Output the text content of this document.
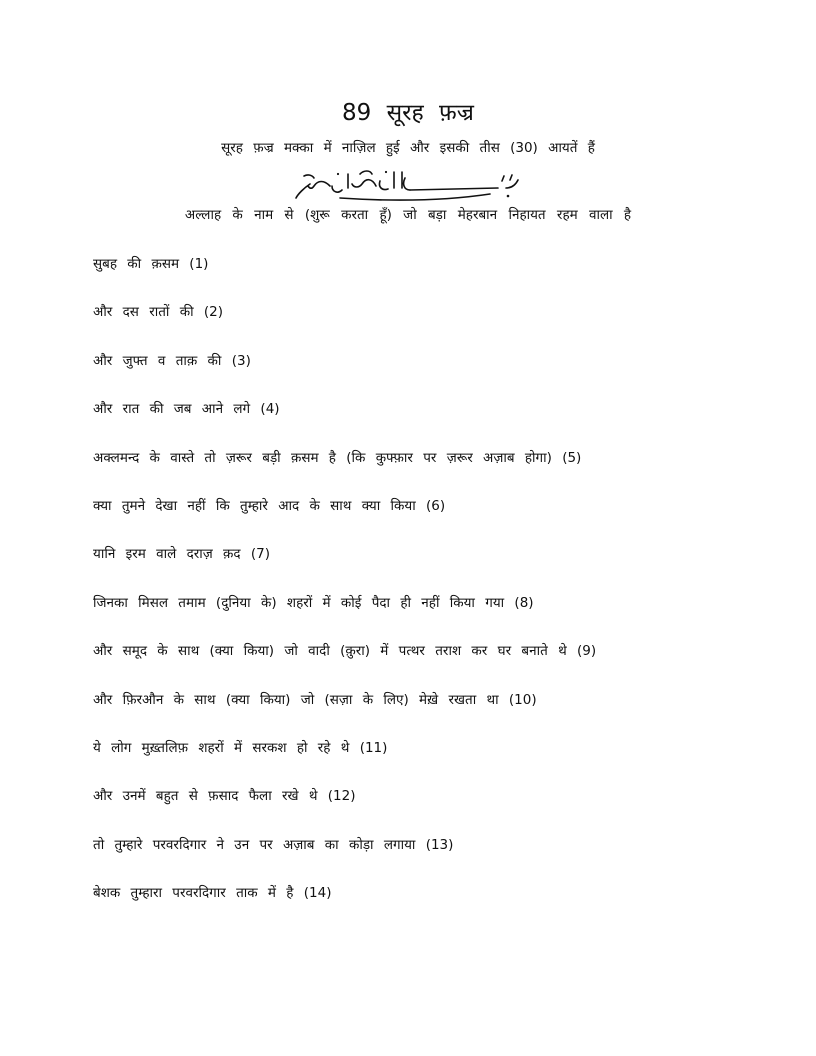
89 सूरह फ़ज्र
सूरह फ़ज्र मक्का में नाज़िल हुई और इसकी तीस (30) आयतें हैं
अल्लाह के नाम से (शुरू करता हूँ) जो बड़ा मेहरबान निहायत रहम वाला है
सुबह की क़सम (1)
और दस रातों की (2)
और जुफ्त व ताक़ की (3)
और रात की जब आने लगे (4)
अक्लमन्द के वास्ते तो ज़रूर बड़ी क़सम है (कि कुफ्फ़ार पर ज़रूर अज़ाब होगा) (5)
क्या तुमने देखा नहीं कि तुम्हारे आद के साथ क्या किया (6)
यानि इरम वाले दराज़ क़द (7)
जिनका मिसल तमाम (दुनिया के) शहरों में कोई पैदा ही नहीं किया गया (8)
और समूद के साथ (क्या किया) जो वादी (क़ुरा) में पत्थर तराश कर घर बनाते थे (9)
और फ़िरऔन के साथ (क्या किया) जो (सज़ा के लिए) मेख़े रखता था (10)
ये लोग मुख़्तलिफ़ शहरों में सरकश हो रहे थे (11)
और उनमें बहुत से फ़साद फैला रखे थे (12)
तो तुम्हारे परवरदिगार ने उन पर अज़ाब का कोड़ा लगाया (13)
बेशक तुम्हारा परवरदिगार ताक में है (14)
